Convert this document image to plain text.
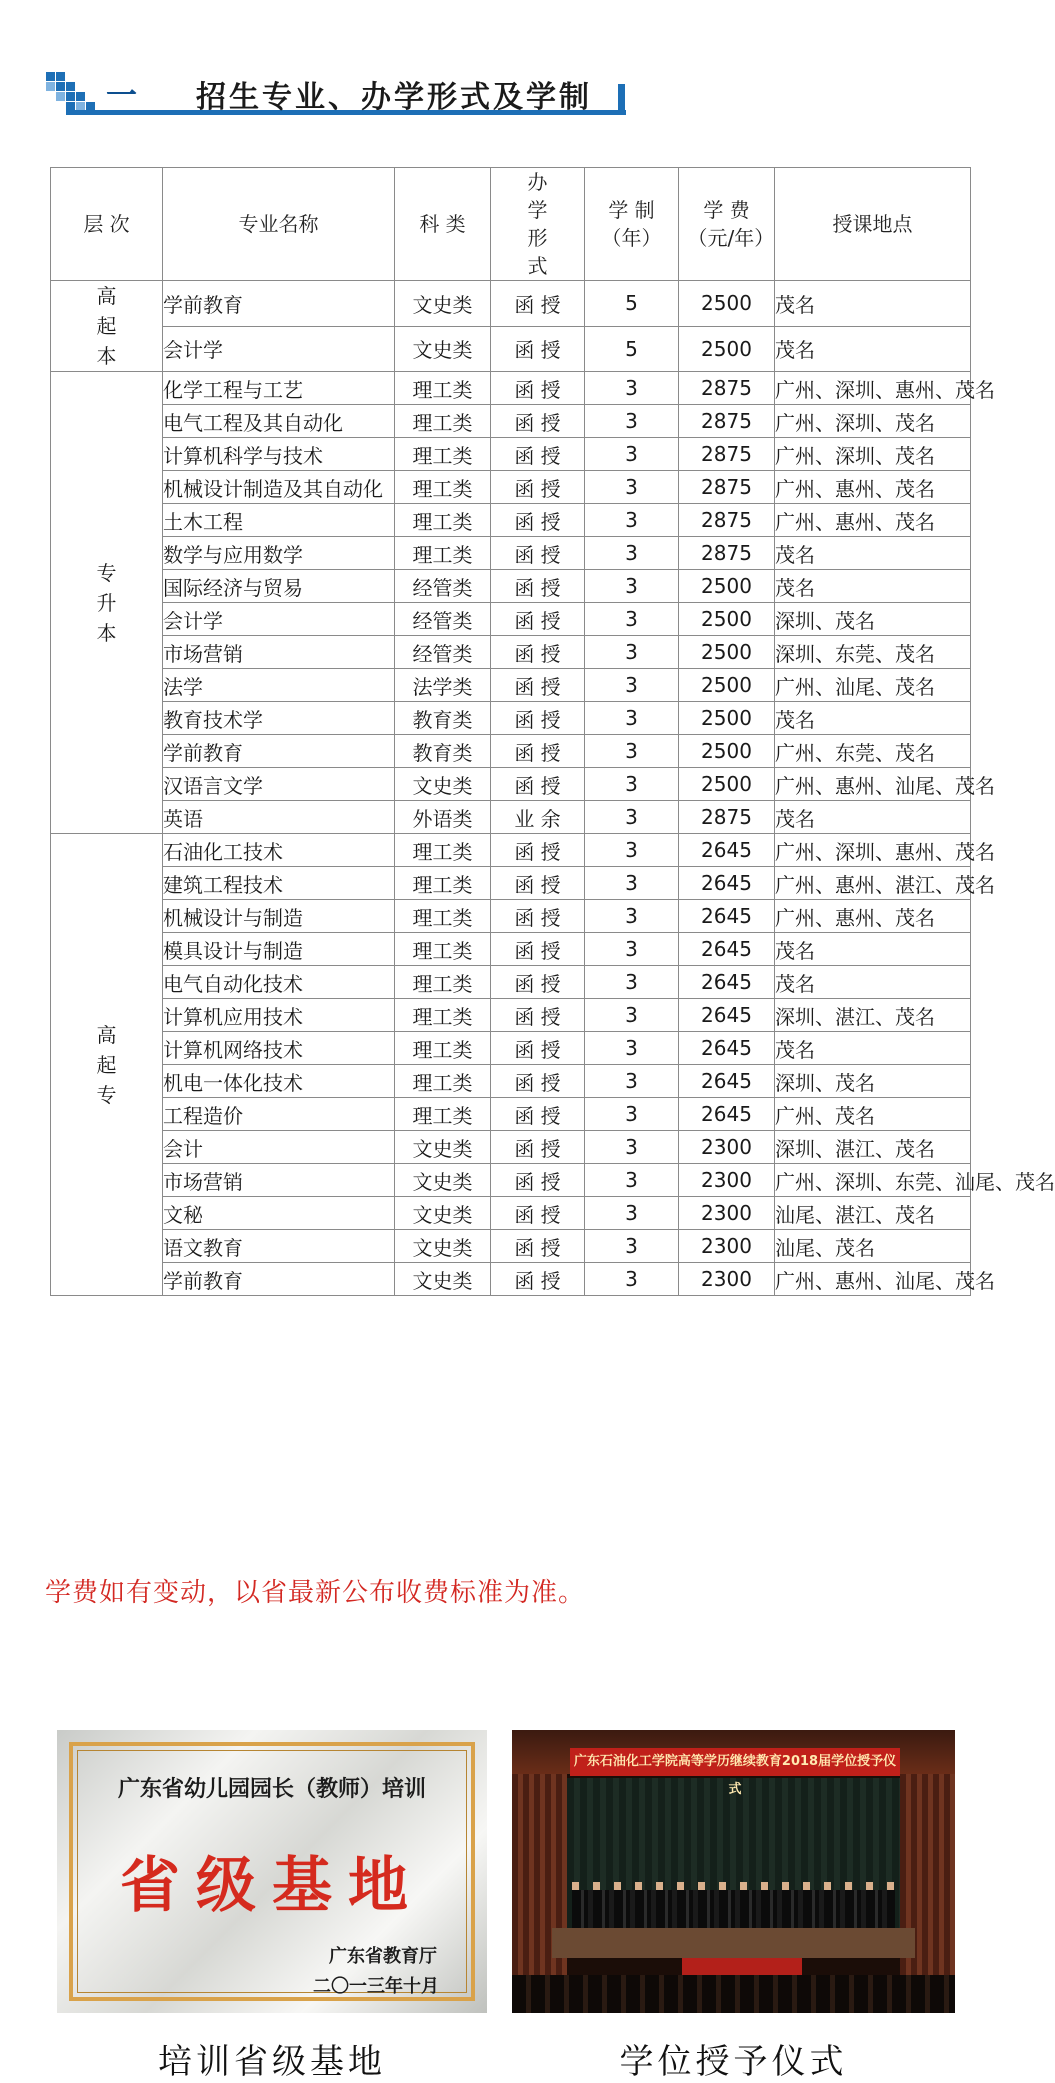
一 招生专业、办学形式及学制
层 次	专业名称	科 类	办 学 形 式	学 制 （年）	学 费 （元/年）	授课地点
高起本	学前教育	文史类	函 授	5	2500	茂名
	会计学	文史类	函 授	5	2500	茂名
专升本	化学工程与工艺	理工类	函 授	3	2875	广州、深圳、惠州、茂名
	电气工程及其自动化	理工类	函 授	3	2875	广州、深圳、茂名
	计算机科学与技术	理工类	函 授	3	2875	广州、深圳、茂名
	机械设计制造及其自动化	理工类	函 授	3	2875	广州、惠州、茂名
	土木工程	理工类	函 授	3	2875	广州、惠州、茂名
	数学与应用数学	理工类	函 授	3	2875	茂名
	国际经济与贸易	经管类	函 授	3	2500	茂名
	会计学	经管类	函 授	3	2500	深圳、茂名
	市场营销	经管类	函 授	3	2500	深圳、东莞、茂名
	法学	法学类	函 授	3	2500	广州、汕尾、茂名
	教育技术学	教育类	函 授	3	2500	茂名
	学前教育	教育类	函 授	3	2500	广州、东莞、茂名
	汉语言文学	文史类	函 授	3	2500	广州、惠州、汕尾、茂名
	英语	外语类	业 余	3	2875	茂名
高起专	石油化工技术	理工类	函 授	3	2645	广州、深圳、惠州、茂名
	建筑工程技术	理工类	函 授	3	2645	广州、惠州、湛江、茂名
	机械设计与制造	理工类	函 授	3	2645	广州、惠州、茂名
	模具设计与制造	理工类	函 授	3	2645	茂名
	电气自动化技术	理工类	函 授	3	2645	茂名
	计算机应用技术	理工类	函 授	3	2645	深圳、湛江、茂名
	计算机网络技术	理工类	函 授	3	2645	茂名
	机电一体化技术	理工类	函 授	3	2645	深圳、茂名
	工程造价	理工类	函 授	3	2645	广州、茂名
	会计	文史类	函 授	3	2300	深圳、湛江、茂名
	市场营销	文史类	函 授	3	2300	广州、深圳、东莞、汕尾、茂名
	文秘	文史类	函 授	3	2300	汕尾、湛江、茂名
	语文教育	文史类	函 授	3	2300	汕尾、茂名
	学前教育	文史类	函 授	3	2300	广州、惠州、汕尾、茂名
学费如有变动，以省最新公布收费标准为准。
广东省幼儿园园长（教师）培训
省级基地
广东省教育厅
二〇一三年十月
广东石油化工学院高等学历继续教育2018届学位授予仪式
培训省级基地	学位授予仪式
